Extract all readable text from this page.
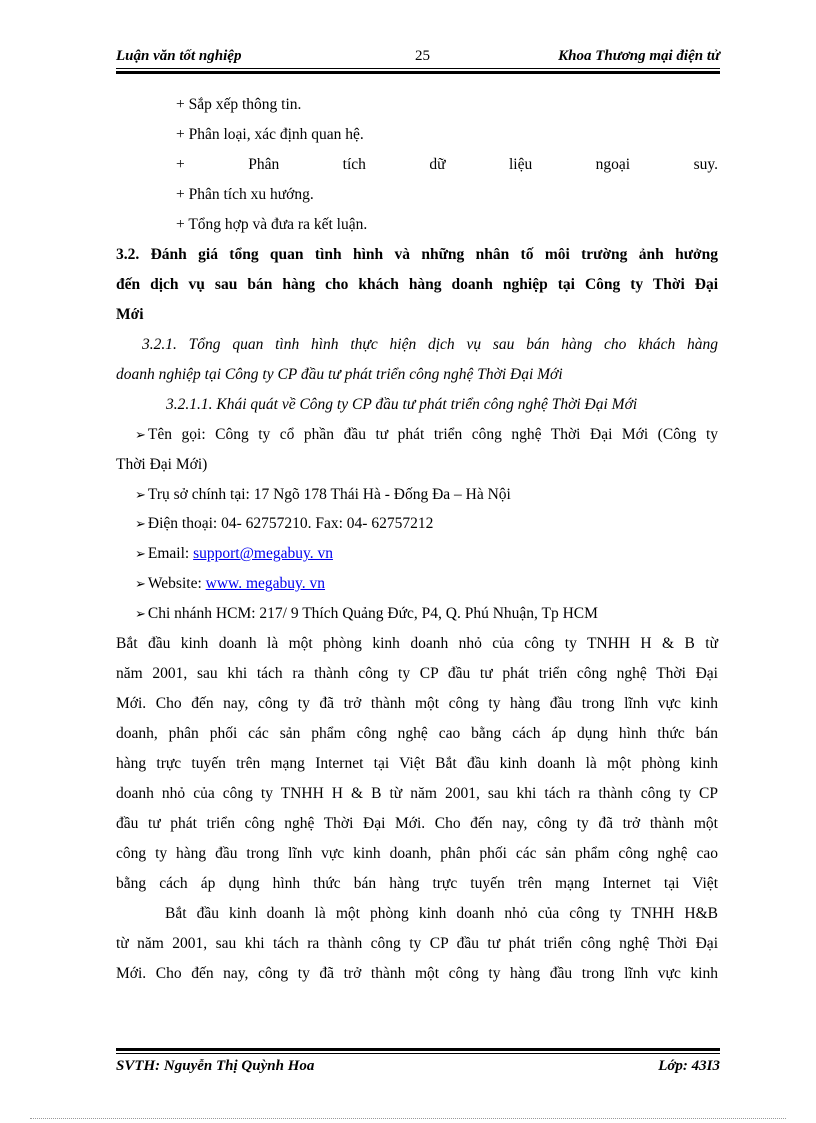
Luận văn tốt nghiệp	25	Khoa Thương mại điện tử
+ Sắp xếp thông tin.
+ Phân loại, xác định quan hệ.
+	Phân	tích	dữ	liệu	ngoại	suy.
+ Phân tích xu hướng.
+ Tổng hợp và đưa ra kết luận.
3.2. Đánh giá tổng quan tình hình và những nhân tố môi trường ảnh hưởng
đến dịch vụ sau bán hàng cho khách hàng doanh nghiệp tại Công ty Thời Đại
Mới
3.2.1. Tổng quan tình hình thực hiện dịch vụ sau bán hàng cho khách hàng
doanh nghiệp tại Công ty CP đầu tư phát triển công nghệ Thời Đại Mới
3.2.1.1. Khái quát về Công ty CP đầu tư phát triển công nghệ Thời Đại Mới
➢ Tên gọi: Công ty cổ phần đầu tư phát triển công nghệ Thời Đại Mới (Công ty
Thời Đại Mới)
➢ Trụ sở chính tại: 17 Ngõ 178 Thái Hà - Đống Đa – Hà Nội
➢ Điện thoại: 04- 62757210. Fax: 04- 62757212
➢ Email: support@megabuy. vn
➢ Website: www. megabuy. vn
➢ Chi nhánh HCM: 217/ 9 Thích Quảng Đức, P4, Q. Phú Nhuận, Tp HCM
Bắt đầu kinh doanh là một phòng kinh doanh nhỏ của công ty TNHH H & B từ
năm 2001, sau khi tách ra thành công ty CP đầu tư phát triển công nghệ Thời Đại
Mới. Cho đến nay, công ty đã trở thành một công ty hàng đầu trong lĩnh vực kinh
doanh, phân phối các sản phẩm công nghệ cao bằng cách áp dụng hình thức bán
hàng trực tuyến trên mạng Internet tại Việt Bắt đầu kinh doanh là một phòng kinh
doanh nhỏ của công ty TNHH H & B từ năm 2001, sau khi tách ra thành công ty CP
đầu tư phát triển công nghệ Thời Đại Mới. Cho đến nay, công ty đã trở thành một
công ty hàng đầu trong lĩnh vực kinh doanh, phân phối các sản phẩm công nghệ cao
bằng cách áp dụng hình thức bán hàng trực tuyến trên mạng Internet tại Việt
Bắt đầu kinh doanh là một phòng kinh doanh nhỏ của công ty TNHH H&B
từ năm 2001, sau khi tách ra thành công ty CP đầu tư phát triển công nghệ Thời Đại
Mới. Cho đến nay, công ty đã trở thành một công ty hàng đầu trong lĩnh vực kinh
SVTH: Nguyễn Thị Quỳnh Hoa	Lớp: 43I3
